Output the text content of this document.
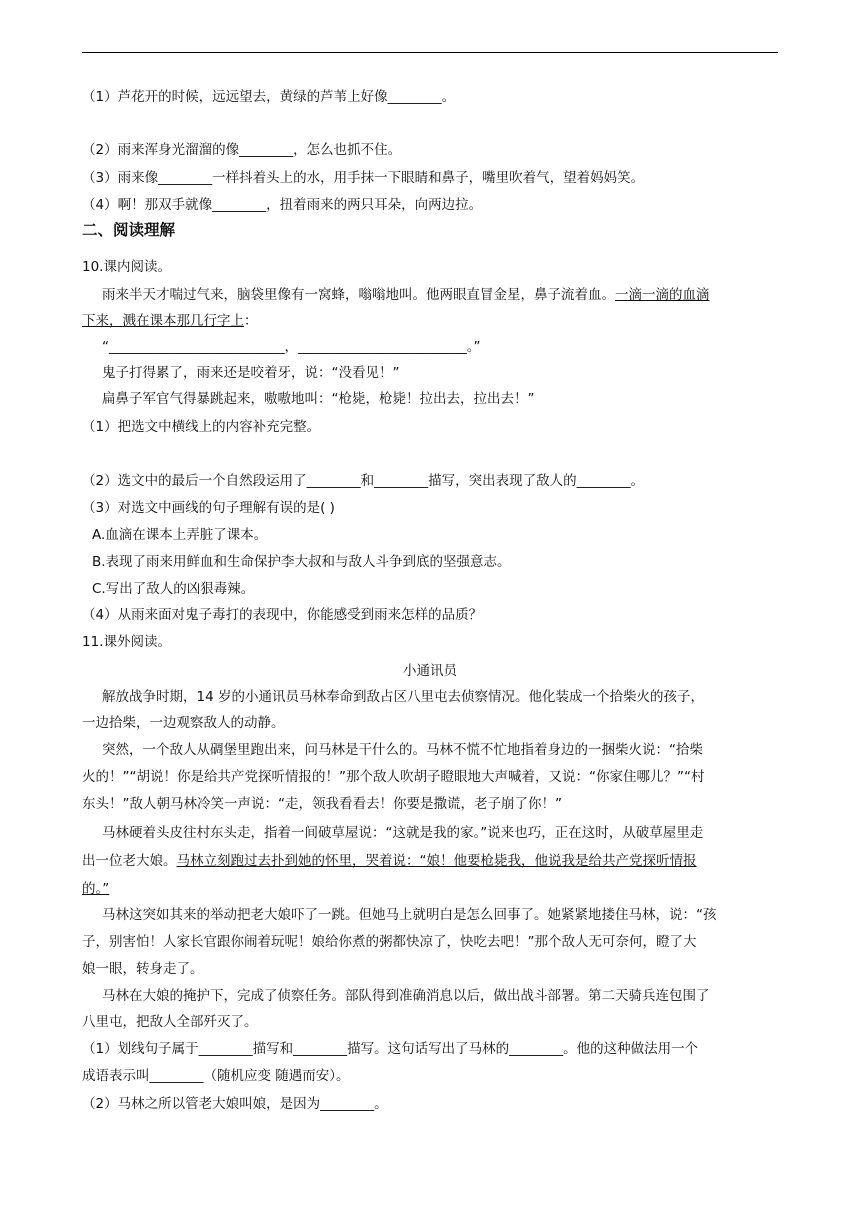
（1）芦花开的时候，远远望去，黄绿的芦苇上好像________。
（2）雨来浑身光溜溜的像________，怎么也抓不住。
（3）雨来像________一样抖着头上的水，用手抹一下眼睛和鼻子，嘴里吹着气，望着妈妈笑。
（4）啊！那双手就像________，扭着雨来的两只耳朵，向两边拉。
二、阅读理解
10.课内阅读。
雨来半天才喘过气来，脑袋里像有一窝蜂，嗡嗡地叫。他两眼直冒金星，鼻子流着血。一滴一滴的血滴
下来，溅在课本那几行字上：
“__________________________，_________________________。”
鬼子打得累了，雨来还是咬着牙，说：“没看见！”
扁鼻子军官气得暴跳起来，嗷嗷地叫：“枪毙，枪毙！拉出去，拉出去！”
（1）把选文中横线上的内容补充完整。
（2）选文中的最后一个自然段运用了________和________描写，突出表现了敌人的________。
（3）对选文中画线的句子理解有误的是( )
A.血滴在课本上弄脏了课本。
B.表现了雨来用鲜血和生命保护李大叔和与敌人斗争到底的坚强意志。
C.写出了敌人的凶狠毒辣。
（4）从雨来面对鬼子毒打的表现中，你能感受到雨来怎样的品质？
11.课外阅读。
小通讯员
解放战争时期，14 岁的小通讯员马林奉命到敌占区八里屯去侦察情况。他化装成一个拾柴火的孩子，
一边拾柴，一边观察敌人的动静。
突然，一个敌人从碉堡里跑出来，问马林是干什么的。马林不慌不忙地指着身边的一捆柴火说：“拾柴
火的！”“胡说！你是给共产党探听情报的！”那个敌人吹胡子瞪眼地大声喊着，又说：“你家住哪儿？”“村
东头！”敌人朝马林冷笑一声说：“走，领我看看去！你要是撒谎，老子崩了你！”
马林硬着头皮往村东头走，指着一间破草屋说：“这就是我的家。”说来也巧，正在这时，从破草屋里走
出一位老大娘。马林立刻跑过去扑到她的怀里，哭着说：“娘！他要枪毙我，他说我是给共产党探听情报
的。”
马林这突如其来的举动把老大娘吓了一跳。但她马上就明白是怎么回事了。她紧紧地搂住马林，说：“孩
子，别害怕！人家长官跟你闹着玩呢！娘给你煮的粥都快凉了，快吃去吧！”那个敌人无可奈何，瞪了大
娘一眼，转身走了。
马林在大娘的掩护下，完成了侦察任务。部队得到准确消息以后，做出战斗部署。第二天骑兵连包围了
八里屯，把敌人全部歼灭了。
（1）划线句子属于________描写和________描写。这句话写出了马林的________。他的这种做法用一个
成语表示叫________（随机应变 随遇而安）。
（2）马林之所以管老大娘叫娘，是因为________。
